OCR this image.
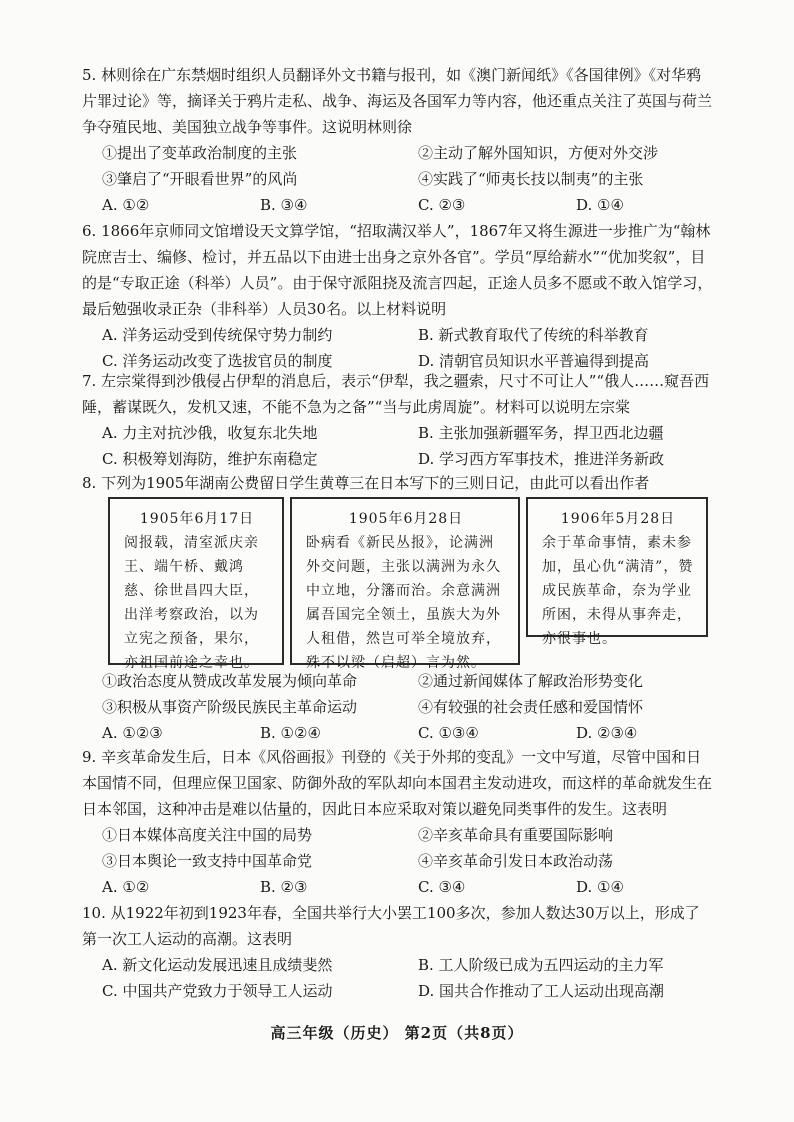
5. 林则徐在广东禁烟时组织人员翻译外文书籍与报刊，如《澳门新闻纸》《各国律例》《对华鸦片罪过论》等，摘译关于鸦片走私、战争、海运及各国军力等内容，他还重点关注了英国与荷兰争夺殖民地、美国独立战争等事件。这说明林则徐

①提出了变革政治制度的主张	②主动了解外国知识，方便对外交涉
③肇启了“开眼看世界”的风尚	④实践了“师夷长技以制夷”的主张
A. ①②	B. ③④	C. ②③	D. ①④

6. 1866年京师同文馆增设天文算学馆，“招取满汉举人”，1867年又将生源进一步推广为“翰林院庶吉士、编修、检讨，并五品以下由进士出身之京外各官”。学员“厚给薪水”“优加奖叙”，目的是“专取正途（科举）人员”。由于保守派阻挠及流言四起，正途人员多不愿或不敢入馆学习，最后勉强收录正杂（非科举）人员30名。以上材料说明

A. 洋务运动受到传统保守势力制约	B. 新式教育取代了传统的科举教育
C. 洋务运动改变了选拔官员的制度	D. 清朝官员知识水平普遍得到提高

7. 左宗棠得到沙俄侵占伊犁的消息后，表示“伊犁，我之疆索，尺寸不可让人”“俄人……窥吾西陲，蓄谋既久，发机又速，不能不急为之备”“当与此虏周旋”。材料可以说明左宗棠

A. 力主对抗沙俄，收复东北失地	B. 主张加强新疆军务，捍卫西北边疆
C. 积极筹划海防，维护东南稳定	D. 学习西方军事技术，推进洋务新政

8. 下列为1905年湖南公费留日学生黄尊三在日本写下的三则日记，由此可以看出作者

1905年6月17日
阅报载，清室派庆亲王、端午桥、戴鸿慈、徐世昌四大臣，出洋考察政治，以为立宪之预备，果尔，亦祖国前途之幸也。
1905年6月28日
卧病看《新民丛报》，论满洲外交问题，主张以满洲为永久中立地，分籓而治。余意满洲属吾国完全领土，虽族大为外人租借，然岂可举全境放弃，殊不以梁（启超）言为然。
1906年5月28日
余于革命事情，素未参加，虽心仇“满清”，赞成民族革命，奈为学业所困，未得从事奔走，亦很事也。
①政治态度从赞成改革发展为倾向革命	②通过新闻媒体了解政治形势变化
③积极从事资产阶级民族民主革命运动	④有较强的社会责任感和爱国情怀
A. ①②③	B. ①②④	C. ①③④	D. ②③④

9. 辛亥革命发生后，日本《风俗画报》刊登的《关于外邦的变乱》一文中写道，尽管中国和日本国情不同，但理应保卫国家、防御外敌的军队却向本国君主发动进攻，而这样的革命就发生在日本邻国，这种冲击是难以估量的，因此日本应采取对策以避免同类事件的发生。这表明

①日本媒体高度关注中国的局势	②辛亥革命具有重要国际影响
③日本舆论一致支持中国革命党	④辛亥革命引发日本政治动荡
A. ①②	B. ②③	C. ③④	D. ①④

10. 从1922年初到1923年春，全国共举行大小罢工100多次，参加人数达30万以上，形成了第一次工人运动的高潮。这表明

A. 新文化运动发展迅速且成绩斐然	B. 工人阶级已成为五四运动的主力军
C. 中国共产党致力于领导工人运动	D. 国共合作推动了工人运动出现高潮
高三年级（历史） 第2页（共8页）
